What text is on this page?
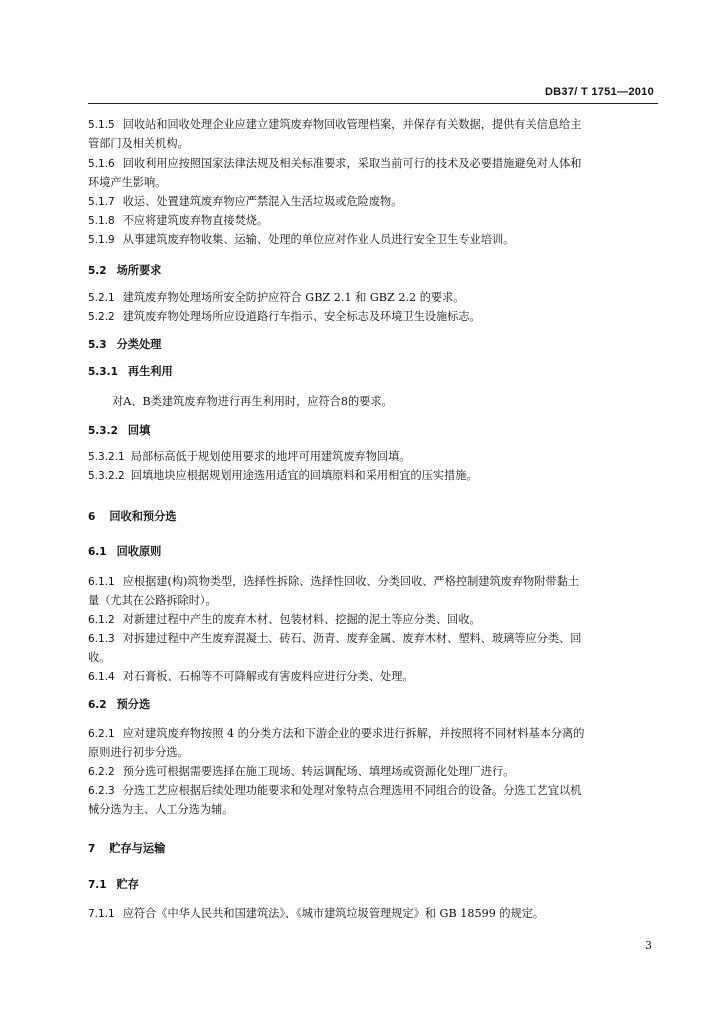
DB37/ T 1751—2010
5.1.5 回收站和回收处理企业应建立建筑废弃物回收管理档案，并保存有关数据，提供有关信息给主
管部门及相关机构。
5.1.6 回收利用应按照国家法律法规及相关标准要求，采取当前可行的技术及必要措施避免对人体和
环境产生影响。
5.1.7 收运、处置建筑废弃物应严禁混入生活垃圾或危险废物。
5.1.8 不应将建筑废弃物直接焚烧。
5.1.9 从事建筑废弃物收集、运输、处理的单位应对作业人员进行安全卫生专业培训。
5.2 场所要求
5.2.1 建筑废弃物处理场所安全防护应符合 GBZ 2.1 和 GBZ 2.2 的要求。
5.2.2 建筑废弃物处理场所应设道路行车指示、安全标志及环境卫生设施标志。
5.3 分类处理
5.3.1 再生利用
对A、B类建筑废弃物进行再生利用时，应符合8的要求。
5.3.2 回填
5.3.2.1 局部标高低于规划使用要求的地坪可用建筑废弃物回填。
5.3.2.2 回填地块应根据规划用途选用适宜的回填原料和采用相宜的压实措施。
6 回收和预分选
6.1 回收原则
6.1.1 应根据建(构)筑物类型，选择性拆除、选择性回收、分类回收、严格控制建筑废弃物附带黏土
量（尤其在公路拆除时）。
6.1.2 对新建过程中产生的废弃木材、包装材料、挖掘的泥土等应分类、回收。
6.1.3 对拆建过程中产生废弃混凝土、砖石、沥青、废弃金属、废弃木材、塑料、玻璃等应分类、回
收。
6.1.4 对石膏板、石棉等不可降解或有害废料应进行分类、处理。
6.2 预分选
6.2.1 应对建筑废弃物按照 4 的分类方法和下游企业的要求进行拆解，并按照将不同材料基本分离的
原则进行初步分选。
6.2.2 预分选可根据需要选择在施工现场、转运调配场、填埋场或资源化处理厂进行。
6.2.3 分选工艺应根据后续处理功能要求和处理对象特点合理选用不同组合的设备。分选工艺宜以机
械分选为主、人工分选为辅。
7 贮存与运输
7.1 贮存
7.1.1 应符合《中华人民共和国建筑法》、《城市建筑垃圾管理规定》和 GB 18599 的规定。
3
